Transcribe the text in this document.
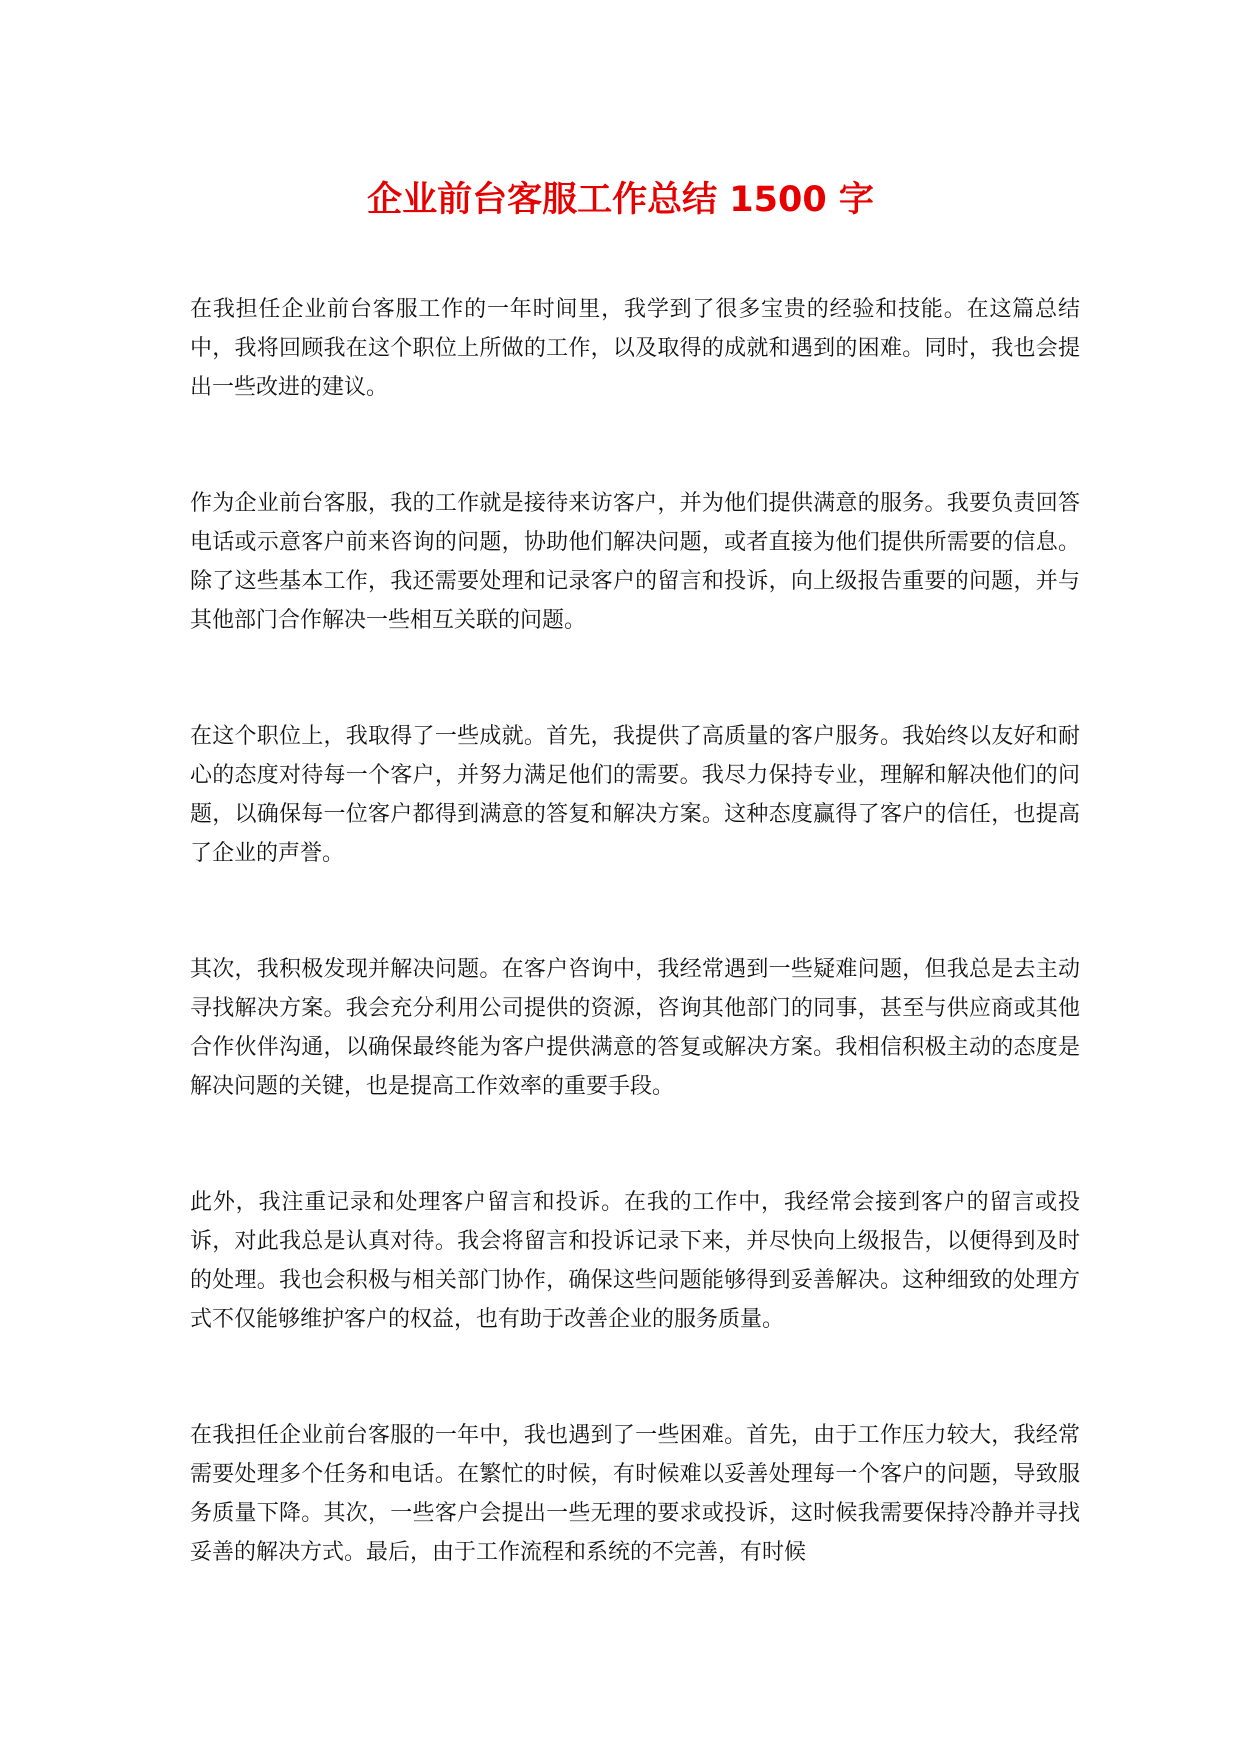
企业前台客服工作总结 1500 字

在我担任企业前台客服工作的一年时间里，我学到了很多宝贵的经验和技能。在这篇总结中，我将回顾我在这个职位上所做的工作，以及取得的成就和遇到的困难。同时，我也会提出一些改进的建议。

作为企业前台客服，我的工作就是接待来访客户，并为他们提供满意的服务。我要负责回答电话或示意客户前来咨询的问题，协助他们解决问题，或者直接为他们提供所需要的信息。除了这些基本工作，我还需要处理和记录客户的留言和投诉，向上级报告重要的问题，并与其他部门合作解决一些相互关联的问题。

在这个职位上，我取得了一些成就。首先，我提供了高质量的客户服务。我始终以友好和耐心的态度对待每一个客户，并努力满足他们的需要。我尽力保持专业，理解和解决他们的问题，以确保每一位客户都得到满意的答复和解决方案。这种态度赢得了客户的信任，也提高了企业的声誉。

其次，我积极发现并解决问题。在客户咨询中，我经常遇到一些疑难问题，但我总是去主动寻找解决方案。我会充分利用公司提供的资源，咨询其他部门的同事，甚至与供应商或其他合作伙伴沟通，以确保最终能为客户提供满意的答复或解决方案。我相信积极主动的态度是解决问题的关键，也是提高工作效率的重要手段。

此外，我注重记录和处理客户留言和投诉。在我的工作中，我经常会接到客户的留言或投诉，对此我总是认真对待。我会将留言和投诉记录下来，并尽快向上级报告，以便得到及时的处理。我也会积极与相关部门协作，确保这些问题能够得到妥善解决。这种细致的处理方式不仅能够维护客户的权益，也有助于改善企业的服务质量。

在我担任企业前台客服的一年中，我也遇到了一些困难。首先，由于工作压力较大，我经常需要处理多个任务和电话。在繁忙的时候，有时候难以妥善处理每一个客户的问题，导致服务质量下降。其次，一些客户会提出一些无理的要求或投诉，这时候我需要保持冷静并寻找妥善的解决方式。最后，由于工作流程和系统的不完善，有时候
